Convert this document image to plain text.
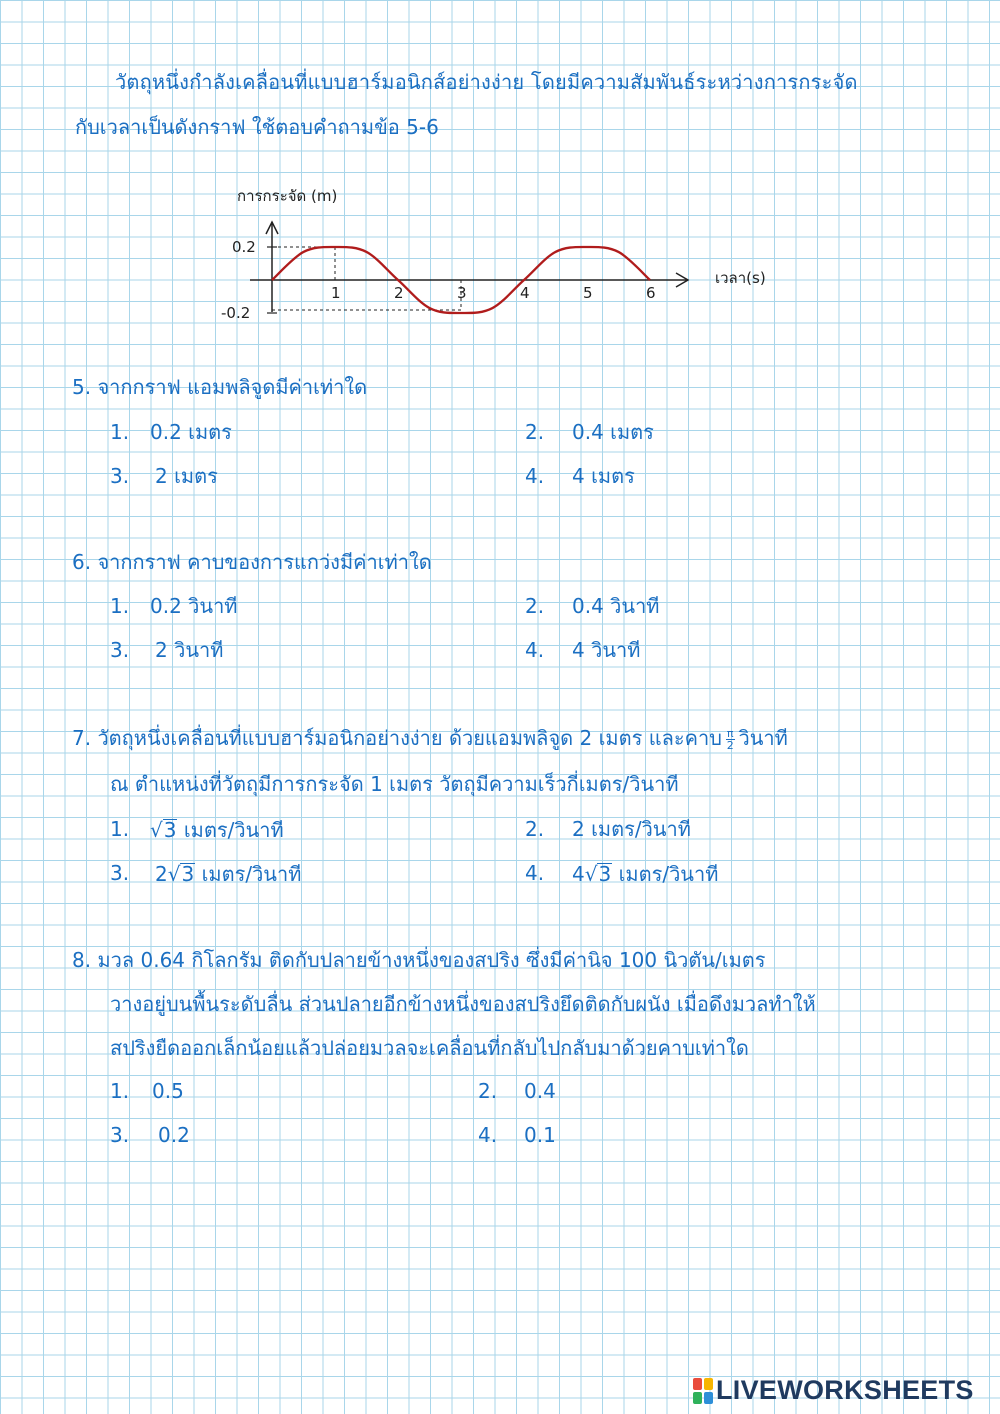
วัตถุหนึ่งกำลังเคลื่อนที่แบบฮาร์มอนิกส์อย่างง่าย โดยมีความสัมพันธ์ระหว่างการกระจัด
กับเวลาเป็นดังกราฟ ใช้ตอบคำถามข้อ 5-6
การกระจัด (m)
เวลา(s)
1	2	3	4	5	6
0.2
-0.2
5. จากกราฟ แอมพลิจูดมีค่าเท่าใด
1. 0.2 เมตร	2. 0.4 เมตร
3. 2 เมตร	4. 4 เมตร
6. จากกราฟ คาบของการแกว่งมีค่าเท่าใด
1. 0.2 วินาที	2. 0.4 วินาที
3. 2 วินาที	4. 4 วินาที
7. วัตถุหนึ่งเคลื่อนที่แบบฮาร์มอนิกอย่างง่าย ด้วยแอมพลิจูด 2 เมตร และคาบ $\frac{\pi}{2}$ วินาที
ณ ตำแหน่งที่วัตถุมีการกระจัด 1 เมตร วัตถุมีความเร็วกี่เมตร/วินาที
1. √3 เมตร/วินาที	2. 2 เมตร/วินาที
3. 2√3 เมตร/วินาที	4. 4√3 เมตร/วินาที
8. มวล 0.64 กิโลกรัม ติดกับปลายข้างหนึ่งของสปริง ซึ่งมีค่านิจ 100 นิวตัน/เมตร
วางอยู่บนพื้นระดับลื่น ส่วนปลายอีกข้างหนึ่งของสปริงยึดติดกับผนัง เมื่อดึงมวลทำให้
สปริงยืดออกเล็กน้อยแล้วปล่อยมวลจะเคลื่อนที่กลับไปกลับมาด้วยคาบเท่าใด
1. 0.5	2. 0.4
3. 0.2	4. 0.1
LIVEWORKSHEETS
